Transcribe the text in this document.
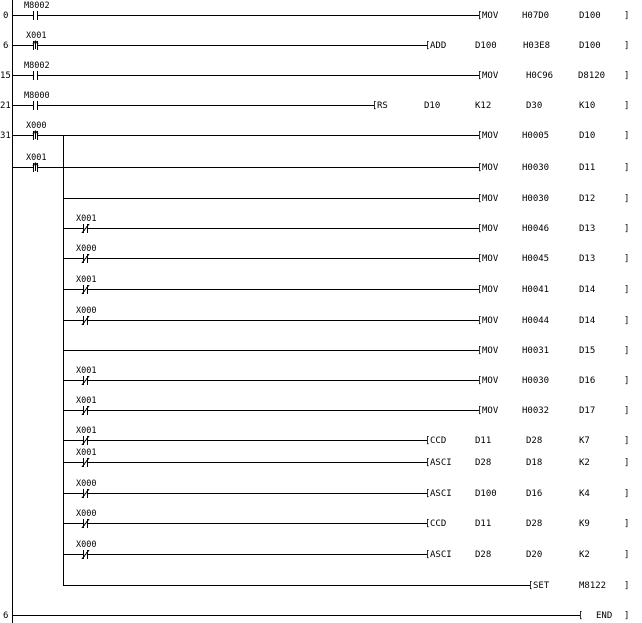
0
M8002
[ MOV	H07D0	D100	]
6
X001
[ ADD	D100	H03E8	D100	]
15
M8002
[ MOV	H0C96	D8120 ]
21
M8000
[ RS	D10	K12	D30	K10	]
31
X000
X001
[ MOV	H0005	D10	]
[ MOV	H0030	D11	]
[ MOV	H0030	D12	]
X001
[ MOV	H0046	D13	]
X000
[ MOV	H0045	D13	]
X001
[ MOV	H0041	D14	]
X000
[ MOV	H0044	D14	]
[ MOV	H0031	D15	]
X001
[ MOV	H0030	D16	]
X001
[ MOV	H0032	D17	]
X001
[ CCD	D11	D28	K7	]
X001
[ ASCI	D28	D18	K2	]
X000
[ ASCI	D100	D16	K4	]
X000
[ CCD	D11	D28	K9	]
X000
[ ASCI	D28	D20	K2	]
[ SET	M8122 ]
6	[ END ]
